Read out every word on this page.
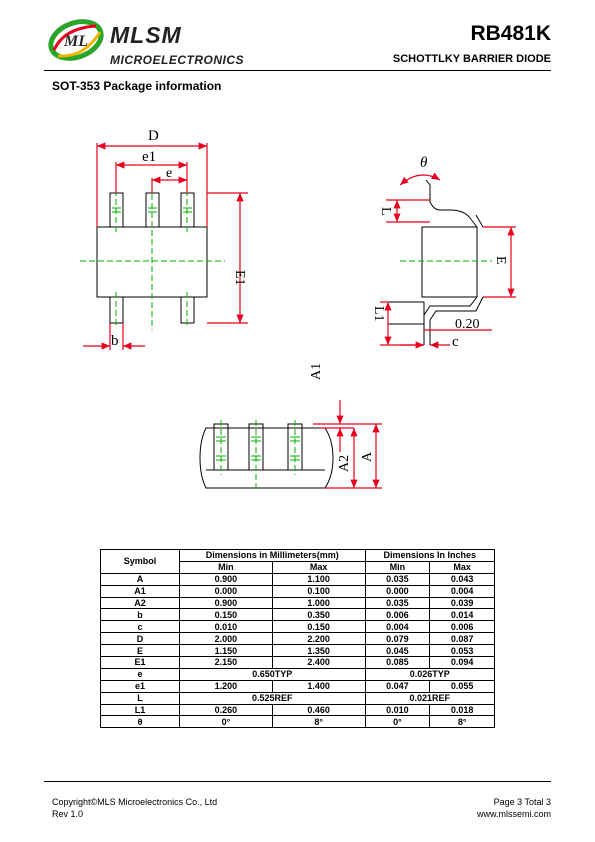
ML MLSM
MICROELECTRONICS
RB481K
SCHOTTLKY BARRIER DIODE
SOT-353 Package information
D
e1
e
E1
b
θ
L
E
L1
0.20
c
A1
A2 A
Symbol	Dimensions in Millimeters(mm)		Dimensions In Inches	
	Min	Max	Min	Max
A	0.900	1.100	0.035	0.043
A1	0.000	0.100	0.000	0.004
A2	0.900	1.000	0.035	0.039
b	0.150	0.350	0.006	0.014
c	0.010	0.150	0.004	0.006
D	2.000	2.200	0.079	0.087
E	1.150	1.350	0.045	0.053
E1	2.150	2.400	0.085	0.094
e	0.650TYP		0.026TYP	
e1	1.200	1.400	0.047	0.055
L	0.525REF		0.021REF	
L1	0.260	0.460	0.010	0.018
θ	0°	8°	0°	8°
Copyright©MLS Microelectronics Co., Ltd
Rev 1.0
Page 3 Total 3
www.mlssemi.com
